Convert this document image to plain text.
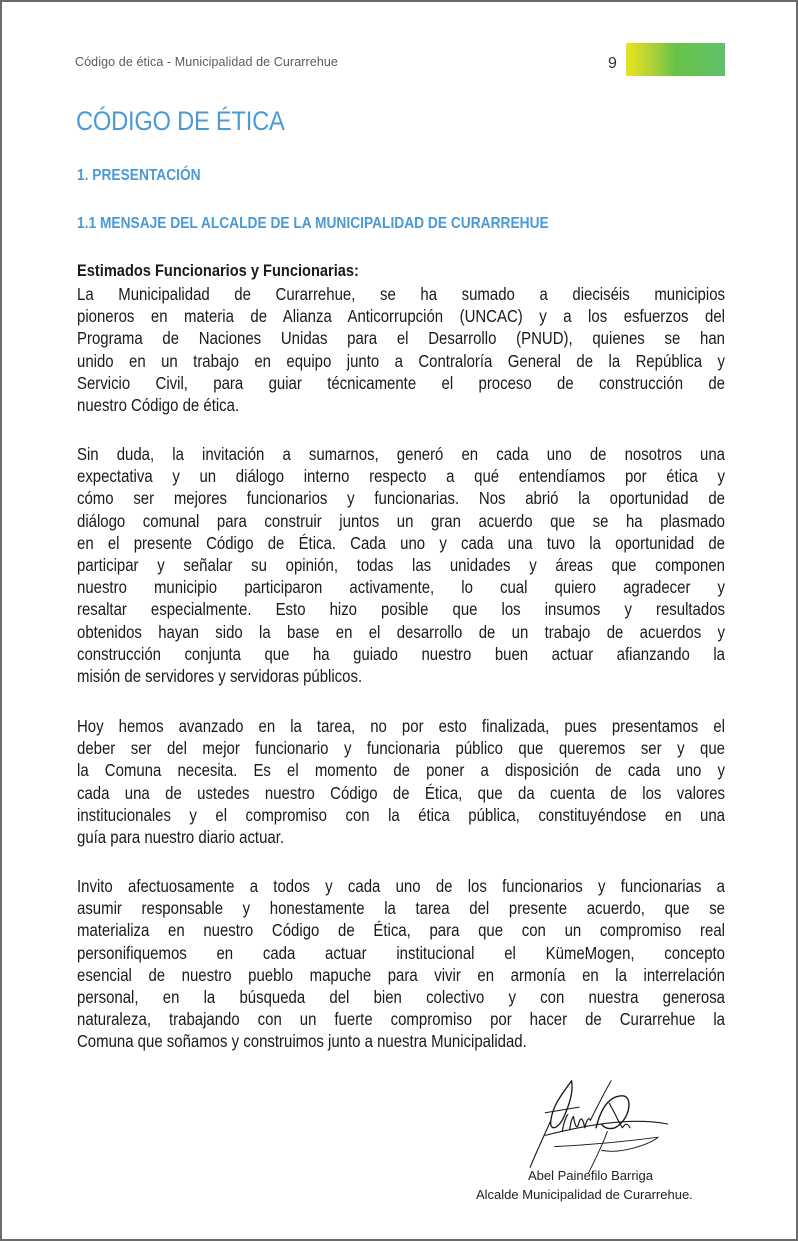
Código de ética - Municipalidad de Curarrehue	9
CÓDIGO DE ÉTICA
1. PRESENTACIÓN
1.1 MENSAJE DEL ALCALDE DE LA MUNICIPALIDAD DE CURARREHUE
Estimados Funcionarios y Funcionarias:
La Municipalidad de Curarrehue, se ha sumado a dieciséis municipios
pioneros en materia de Alianza Anticorrupción (UNCAC) y a los esfuerzos del
Programa de Naciones Unidas para el Desarrollo (PNUD), quienes se han
unido en un trabajo en equipo junto a Contraloría General de la República y
Servicio Civil, para guiar técnicamente el proceso de construcción de
nuestro Código de ética.
Sin duda, la invitación a sumarnos, generó en cada uno de nosotros una
expectativa y un diálogo interno respecto a qué entendíamos por ética y
cómo ser mejores funcionarios y funcionarias. Nos abrió la oportunidad de
diálogo comunal para construir juntos un gran acuerdo que se ha plasmado
en el presente Código de Ética. Cada uno y cada una tuvo la oportunidad de
participar y señalar su opinión, todas las unidades y áreas que componen
nuestro municipio participaron activamente, lo cual quiero agradecer y
resaltar especialmente. Esto hizo posible que los insumos y resultados
obtenidos hayan sido la base en el desarrollo de un trabajo de acuerdos y
construcción conjunta que ha guiado nuestro buen actuar afianzando la
misión de servidores y servidoras públicos.
Hoy hemos avanzado en la tarea, no por esto finalizada, pues presentamos el
deber ser del mejor funcionario y funcionaria público que queremos ser y que
la Comuna necesita. Es el momento de poner a disposición de cada uno y
cada una de ustedes nuestro Código de Ética, que da cuenta de los valores
institucionales y el compromiso con la ética pública, constituyéndose en una
guía para nuestro diario actuar.
Invito afectuosamente a todos y cada uno de los funcionarios y funcionarias a
asumir responsable y honestamente la tarea del presente acuerdo, que se
materializa en nuestro Código de Ética, para que con un compromiso real
personifiquemos en cada actuar institucional el KümeMogen, concepto
esencial de nuestro pueblo mapuche para vivir en armonía en la interrelación
personal, en la búsqueda del bien colectivo y con nuestra generosa
naturaleza, trabajando con un fuerte compromiso por hacer de Curarrehue la
Comuna que soñamos y construimos junto a nuestra Municipalidad.
Abel Painefilo Barriga
Alcalde Municipalidad de Curarrehue.
